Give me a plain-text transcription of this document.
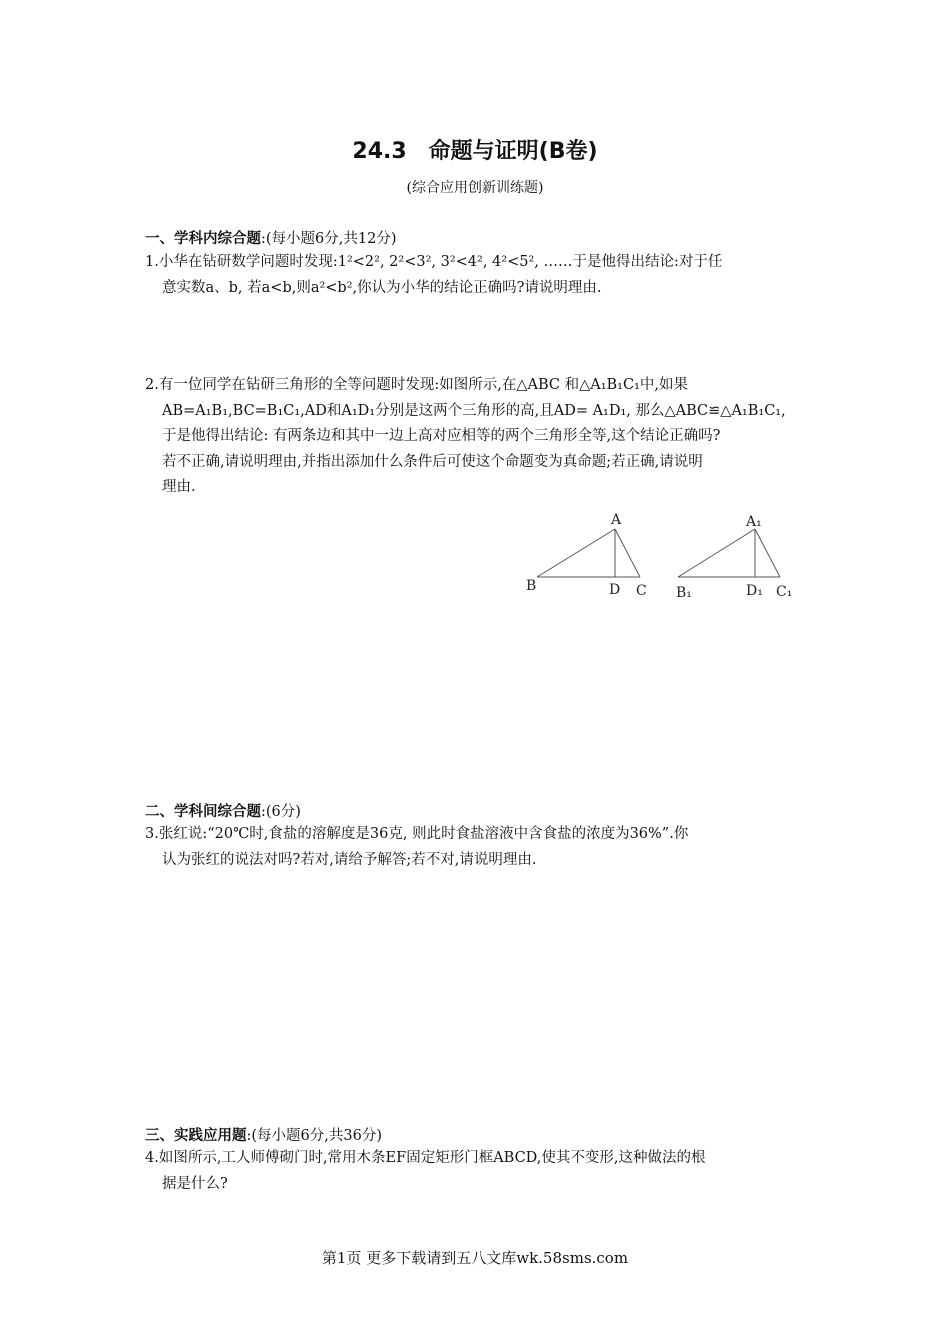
24.3　命题与证明(B卷)
(综合应用创新训练题)
一、学科内综合题:(每小题6分,共12分)
1.小华在钻研数学问题时发现:1²<2², 2²<3², 3²<4², 4²<5², ……于是他得出结论:对于任
意实数a、b, 若a<b,则a²<b²,你认为小华的结论正确吗?请说明理由.
2.有一位同学在钻研三角形的全等问题时发现:如图所示,在△ABC 和△A₁B₁C₁中,如果
AB=A₁B₁,BC=B₁C₁,AD和A₁D₁分别是这两个三角形的高,且AD= A₁D₁, 那么△ABC≌△A₁B₁C₁,
于是他得出结论: 有两条边和其中一边上高对应相等的两个三角形全等,这个结论正确吗?
若不正确,请说明理由,并指出添加什么条件后可使这个命题变为真命题;若正确,请说明
理由.
A
B	D C
A₁
B₁	D₁ C₁
二、学科间综合题:(6分)
3.张红说:“20℃时,食盐的溶解度是36克, 则此时食盐溶液中含食盐的浓度为36%”.你
认为张红的说法对吗?若对,请给予解答;若不对,请说明理由.
三、实践应用题:(每小题6分,共36分)
4.如图所示,工人师傅砌门时,常用木条EF固定矩形门框ABCD,使其不变形,这种做法的根
据是什么?
第1页 更多下载请到五八文库wk.58sms.com
